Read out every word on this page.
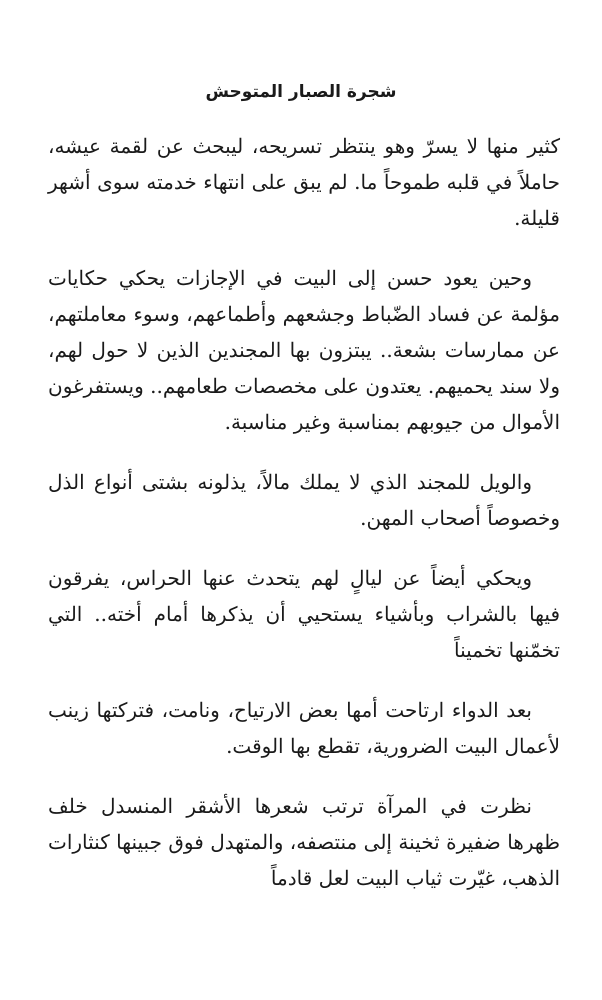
شجرة الصبار المتوحش

كثير منها لا يسرّ وهو ينتظر تسريحه، ليبحث عن لقمة عيشه، حاملاً في قلبه طموحاً ما. لم يبق على انتهاء خدمته سوى أشهر قليلة.

وحين يعود حسن إلى البيت في الإجازات يحكي حكايات مؤلمة عن فساد الضّباط وجشعهم وأطماعهم، وسوء معاملتهم، عن ممارسات بشعة.. يبتزون بها المجندين الذين لا حول لهم، ولا سند يحميهم. يعتدون على مخصصات طعامهم.. ويستفرغون الأموال من جيوبهم بمناسبة وغير مناسبة.

والويل للمجند الذي لا يملك مالاً، يذلونه بشتى أنواع الذل وخصوصاً أصحاب المهن.

ويحكي أيضاً عن ليالٍ لهم يتحدث عنها الحراس، يفرقون فيها بالشراب وبأشياء يستحيي أن يذكرها أمام أخته.. التي تخمّنها تخميناً

بعد الدواء ارتاحت أمها بعض الارتياح، ونامت، فتركتها زينب لأعمال البيت الضرورية، تقطع بها الوقت.

نظرت في المرآة ترتب شعرها الأشقر المنسدل خلف ظهرها ضفيرة ثخينة إلى منتصفه، والمتهدل فوق جبينها كنثارات الذهب، غيّرت ثياب البيت لعل قادماً
